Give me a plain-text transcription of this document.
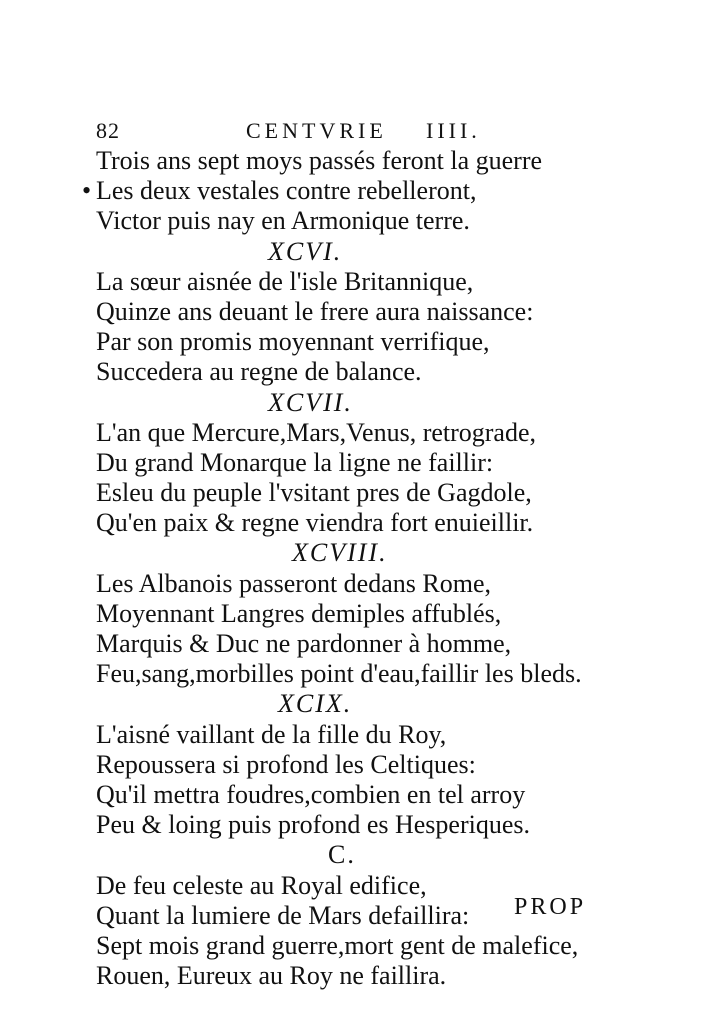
82	CENTVRIE IIII.
Trois ans sept moys passés feront la guerre
• Les deux vestales contre rebelleront,
Victor puis nay en Armonique terre.
XCVI.
La sœur aisnée de l'isle Britannique,
Quinze ans deuant le frere aura naissance:
Par son promis moyennant verrifique,
Succedera au regne de balance.
XCVII.
L'an que Mercure,Mars,Venus, retrograde,
Du grand Monarque la ligne ne faillir:
Esleu du peuple l'vsitant pres de Gagdole,
Qu'en paix & regne viendra fort enuieillir.
XCVIII.
Les Albanois passeront dedans Rome,
Moyennant Langres demiples affublés,
Marquis & Duc ne pardonner à homme,
Feu,sang,morbilles point d'eau,faillir les bleds.
XCIX.
L'aisné vaillant de la fille du Roy,
Repoussera si profond les Celtiques:
Qu'il mettra foudres,combien en tel arroy
Peu & loing puis profond es Hesperiques.
C.
De feu celeste au Royal edifice,
Quant la lumiere de Mars defaillira:
Sept mois grand guerre,mort gent de malefice,
Rouen, Eureux au Roy ne faillira.
PROP
